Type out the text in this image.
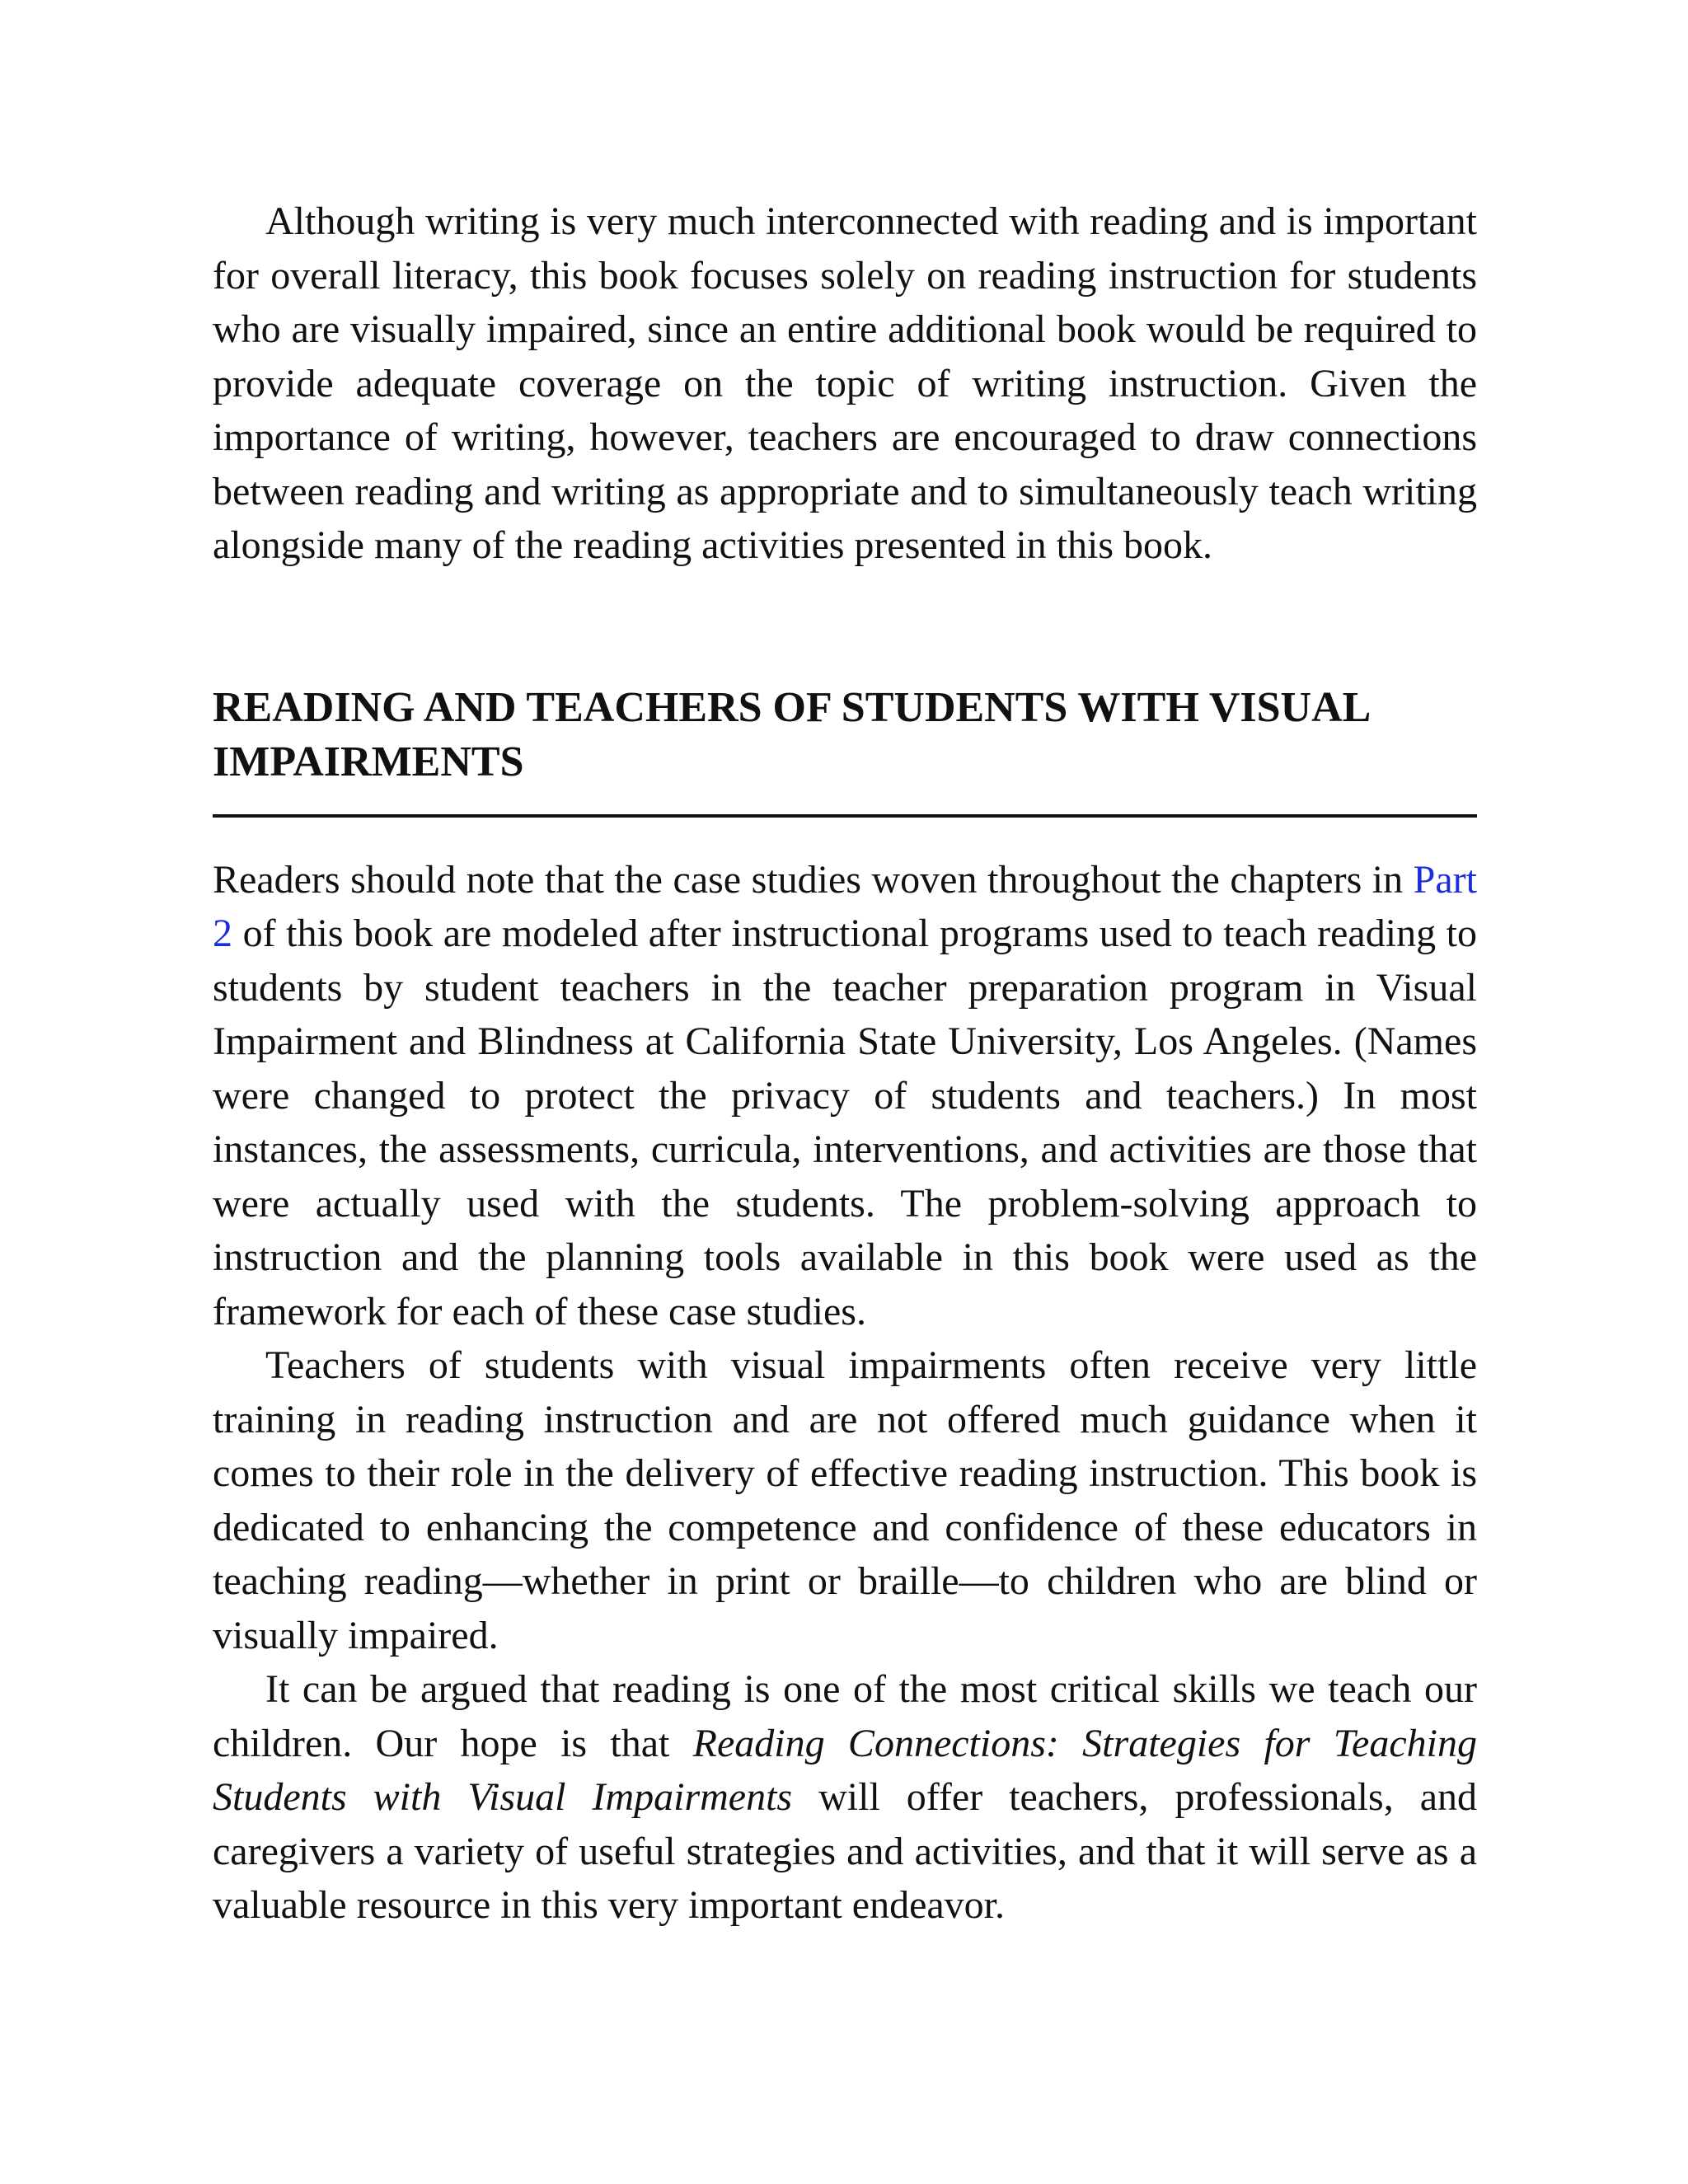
Although writing is very much interconnected with reading and is important for overall literacy, this book focuses solely on reading instruction for students who are visually impaired, since an entire additional book would be required to provide adequate coverage on the topic of writing instruction. Given the importance of writing, however, teachers are encouraged to draw connections between reading and writing as appropriate and to simultaneously teach writing alongside many of the reading activities presented in this book.

READING AND TEACHERS OF STUDENTS WITH VISUAL IMPAIRMENTS

Readers should note that the case studies woven throughout the chapters in Part 2 of this book are modeled after instructional programs used to teach reading to students by student teachers in the teacher preparation program in Visual Impairment and Blindness at California State University, Los Angeles. (Names were changed to protect the privacy of students and teachers.) In most instances, the assessments, curricula, interventions, and activities are those that were actually used with the students. The problem-solving approach to instruction and the planning tools available in this book were used as the framework for each of these case studies.

Teachers of students with visual impairments often receive very little training in reading instruction and are not offered much guidance when it comes to their role in the delivery of effective reading instruction. This book is dedicated to enhancing the competence and confidence of these educators in teaching reading—whether in print or braille—to children who are blind or visually impaired.

It can be argued that reading is one of the most critical skills we teach our children. Our hope is that Reading Connections: Strategies for Teaching Students with Visual Impairments will offer teachers, professionals, and caregivers a variety of useful strategies and activities, and that it will serve as a valuable resource in this very important endeavor.
